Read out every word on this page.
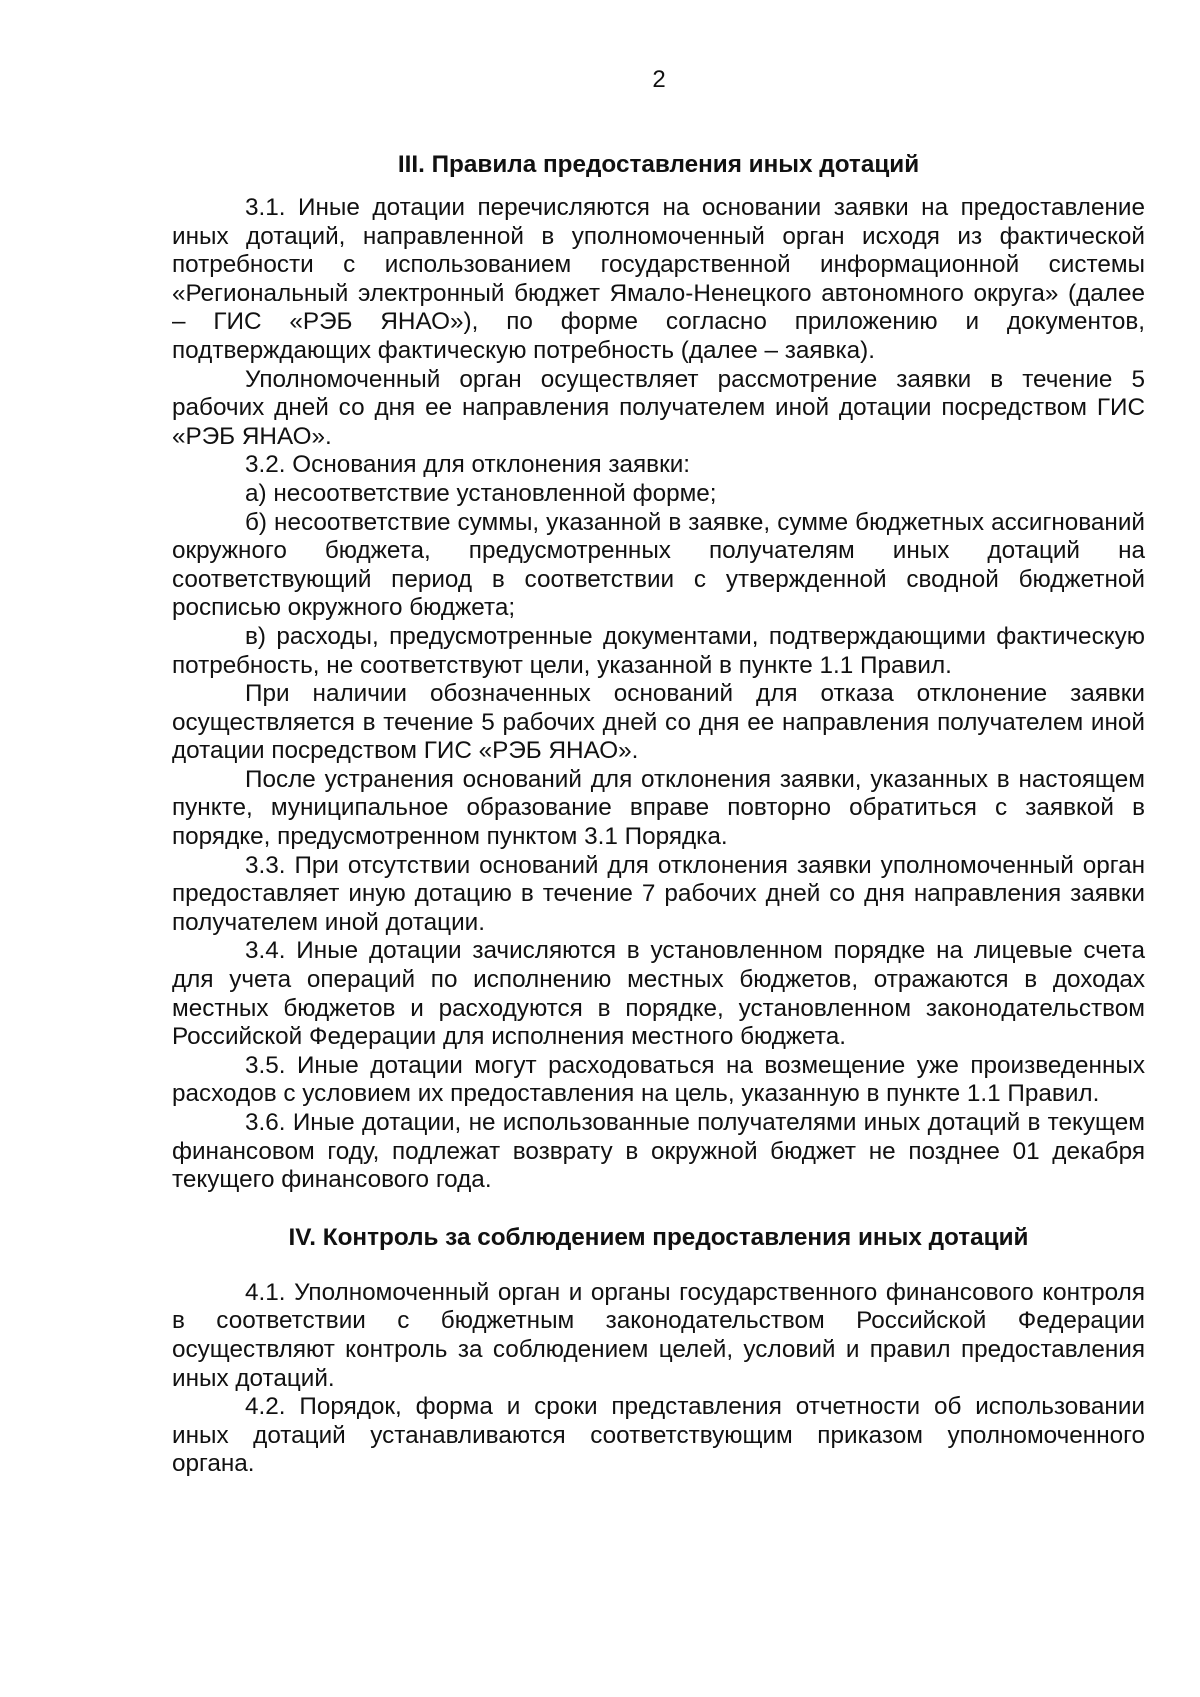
2
III. Правила предоставления иных дотаций

3.1. Иные дотации перечисляются на основании заявки на предоставление иных дотаций, направленной в уполномоченный орган исходя из фактической потребности с использованием государственной информационной системы «Региональный электронный бюджет Ямало-Ненецкого автономного округа» (далее – ГИС «РЭБ ЯНАО»), по форме согласно приложению и документов, подтверждающих фактическую потребность (далее – заявка).

Уполномоченный орган осуществляет рассмотрение заявки в течение 5 рабочих дней со дня ее направления получателем иной дотации посредством ГИС «РЭБ ЯНАО».

3.2. Основания для отклонения заявки:

а) несоответствие установленной форме;

б) несоответствие суммы, указанной в заявке, сумме бюджетных ассигнований окружного бюджета, предусмотренных получателям иных дотаций на соответствующий период в соответствии с утвержденной сводной бюджетной росписью окружного бюджета;

в) расходы, предусмотренные документами, подтверждающими фактическую потребность, не соответствуют цели, указанной в пункте 1.1 Правил.

При наличии обозначенных оснований для отказа отклонение заявки осуществляется в течение 5 рабочих дней со дня ее направления получателем иной дотации посредством ГИС «РЭБ ЯНАО».

После устранения оснований для отклонения заявки, указанных в настоящем пункте, муниципальное образование вправе повторно обратиться с заявкой в порядке, предусмотренном пунктом 3.1 Порядка.

3.3. При отсутствии оснований для отклонения заявки уполномоченный орган предоставляет иную дотацию в течение 7 рабочих дней со дня направления заявки получателем иной дотации.

3.4. Иные дотации зачисляются в установленном порядке на лицевые счета для учета операций по исполнению местных бюджетов, отражаются в доходах местных бюджетов и расходуются в порядке, установленном законодательством Российской Федерации для исполнения местного бюджета.

3.5. Иные дотации могут расходоваться на возмещение уже произведенных расходов с условием их предоставления на цель, указанную в пункте 1.1 Правил.

3.6. Иные дотации, не использованные получателями иных дотаций в текущем финансовом году, подлежат возврату в окружной бюджет не позднее 01 декабря текущего финансового года.

IV. Контроль за соблюдением предоставления иных дотаций

4.1. Уполномоченный орган и органы государственного финансового контроля в соответствии с бюджетным законодательством Российской Федерации осуществляют контроль за соблюдением целей, условий и правил предоставления иных дотаций.

4.2. Порядок, форма и сроки представления отчетности об использовании иных дотаций устанавливаются соответствующим приказом уполномоченного органа.
